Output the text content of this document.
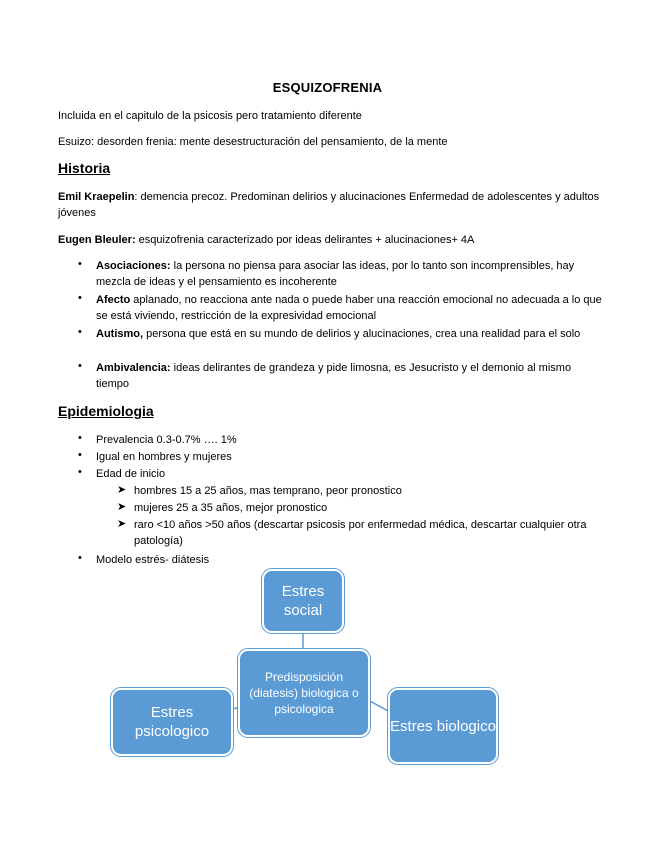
ESQUIZOFRENIA
Incluida en el capitulo de la psicosis pero tratamiento diferente
Esuizo: desorden frenia: mente desestructuración del pensamiento, de la mente
Historia
Emil Kraepelin: demencia precoz. Predominan delirios y alucinaciones Enfermedad de adolescentes y adultos jóvenes
Eugen Bleuler: esquizofrenia caracterizado por ideas delirantes + alucinaciones+ 4A
• Asociaciones: la persona no piensa para asociar las ideas, por lo tanto son incomprensibles, hay mezcla de ideas y el pensamiento es incoherente
• Afecto aplanado, no reacciona ante nada o puede haber una reacción emocional no adecuada a lo que se está viviendo, restricción de la expresividad emocional
• Autismo, persona que está en su mundo de delirios y alucinaciones, crea una realidad para el solo
• Ambivalencia: ideas delirantes de grandeza y pide limosna, es Jesucristo y el demonio al mismo tiempo
Epidemiologia
• Prevalencia 0.3-0.7% …. 1%
• Igual en hombres y mujeres
• Edad de inicio
➤ hombres 15 a 25 años, mas temprano, peor pronostico
➤ mujeres 25 a 35 años, mejor pronostico
➤ raro <10 años >50 años (descartar psicosis por enfermedad médica, descartar cualquier otra patología)
• Modelo estrés- diátesis
Estres social
Predisposición (diatesis) biologica o psicologica
Estres psicologico	Estres biologico
